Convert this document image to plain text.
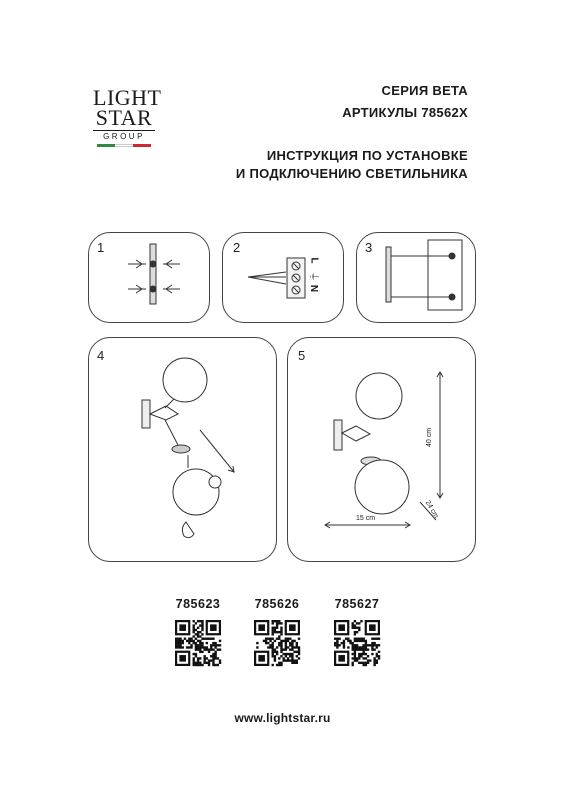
LIGHT
STAR
GROUP
СЕРИЯ BETA
АРТИКУЛЫ 78562X
ИНСТРУКЦИЯ ПО УСТАНОВКЕ
И ПОДКЛЮЧЕНИЮ СВЕТИЛЬНИКА
1	2	3
4	5
L
⏚
N
40 cm
24 cm
15 cm
785623	785626	785627
www.lightstar.ru
